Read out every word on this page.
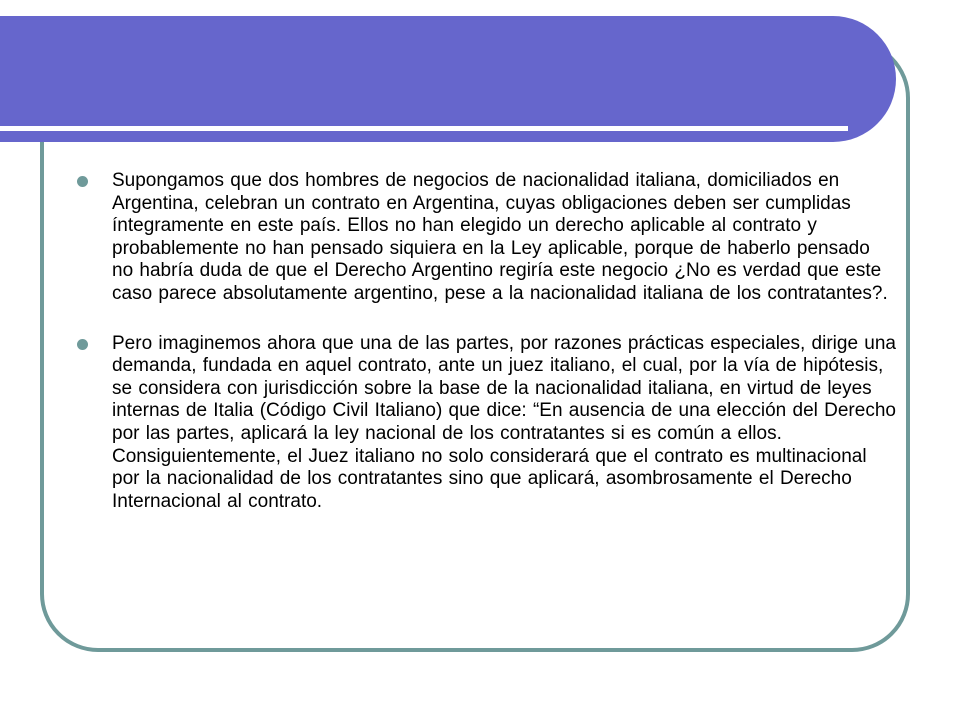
Supongamos que dos hombres de negocios de nacionalidad italiana, domiciliados en Argentina, celebran un contrato en Argentina, cuyas obligaciones deben ser cumplidas íntegramente en este país. Ellos no han elegido un derecho aplicable al contrato y probablemente no han pensado siquiera en la Ley aplicable, porque de haberlo pensado no habría duda de que el Derecho Argentino regiría este negocio ¿No es verdad que este caso parece absolutamente argentino, pese a la nacionalidad italiana de los contratantes?.
Pero imaginemos ahora que una de las partes, por razones prácticas especiales, dirige una demanda, fundada en aquel contrato, ante un juez italiano, el cual, por la vía de hipótesis, se considera con jurisdicción sobre la base de la nacionalidad italiana, en virtud de leyes internas de Italia (Código Civil Italiano) que dice: “En ausencia de una elección del Derecho por las partes, aplicará la ley nacional de los contratantes si es común a ellos. Consiguientemente, el Juez italiano no solo considerará que el contrato es multinacional por la nacionalidad de los contratantes sino que aplicará, asombrosamente el Derecho Internacional al contrato.
